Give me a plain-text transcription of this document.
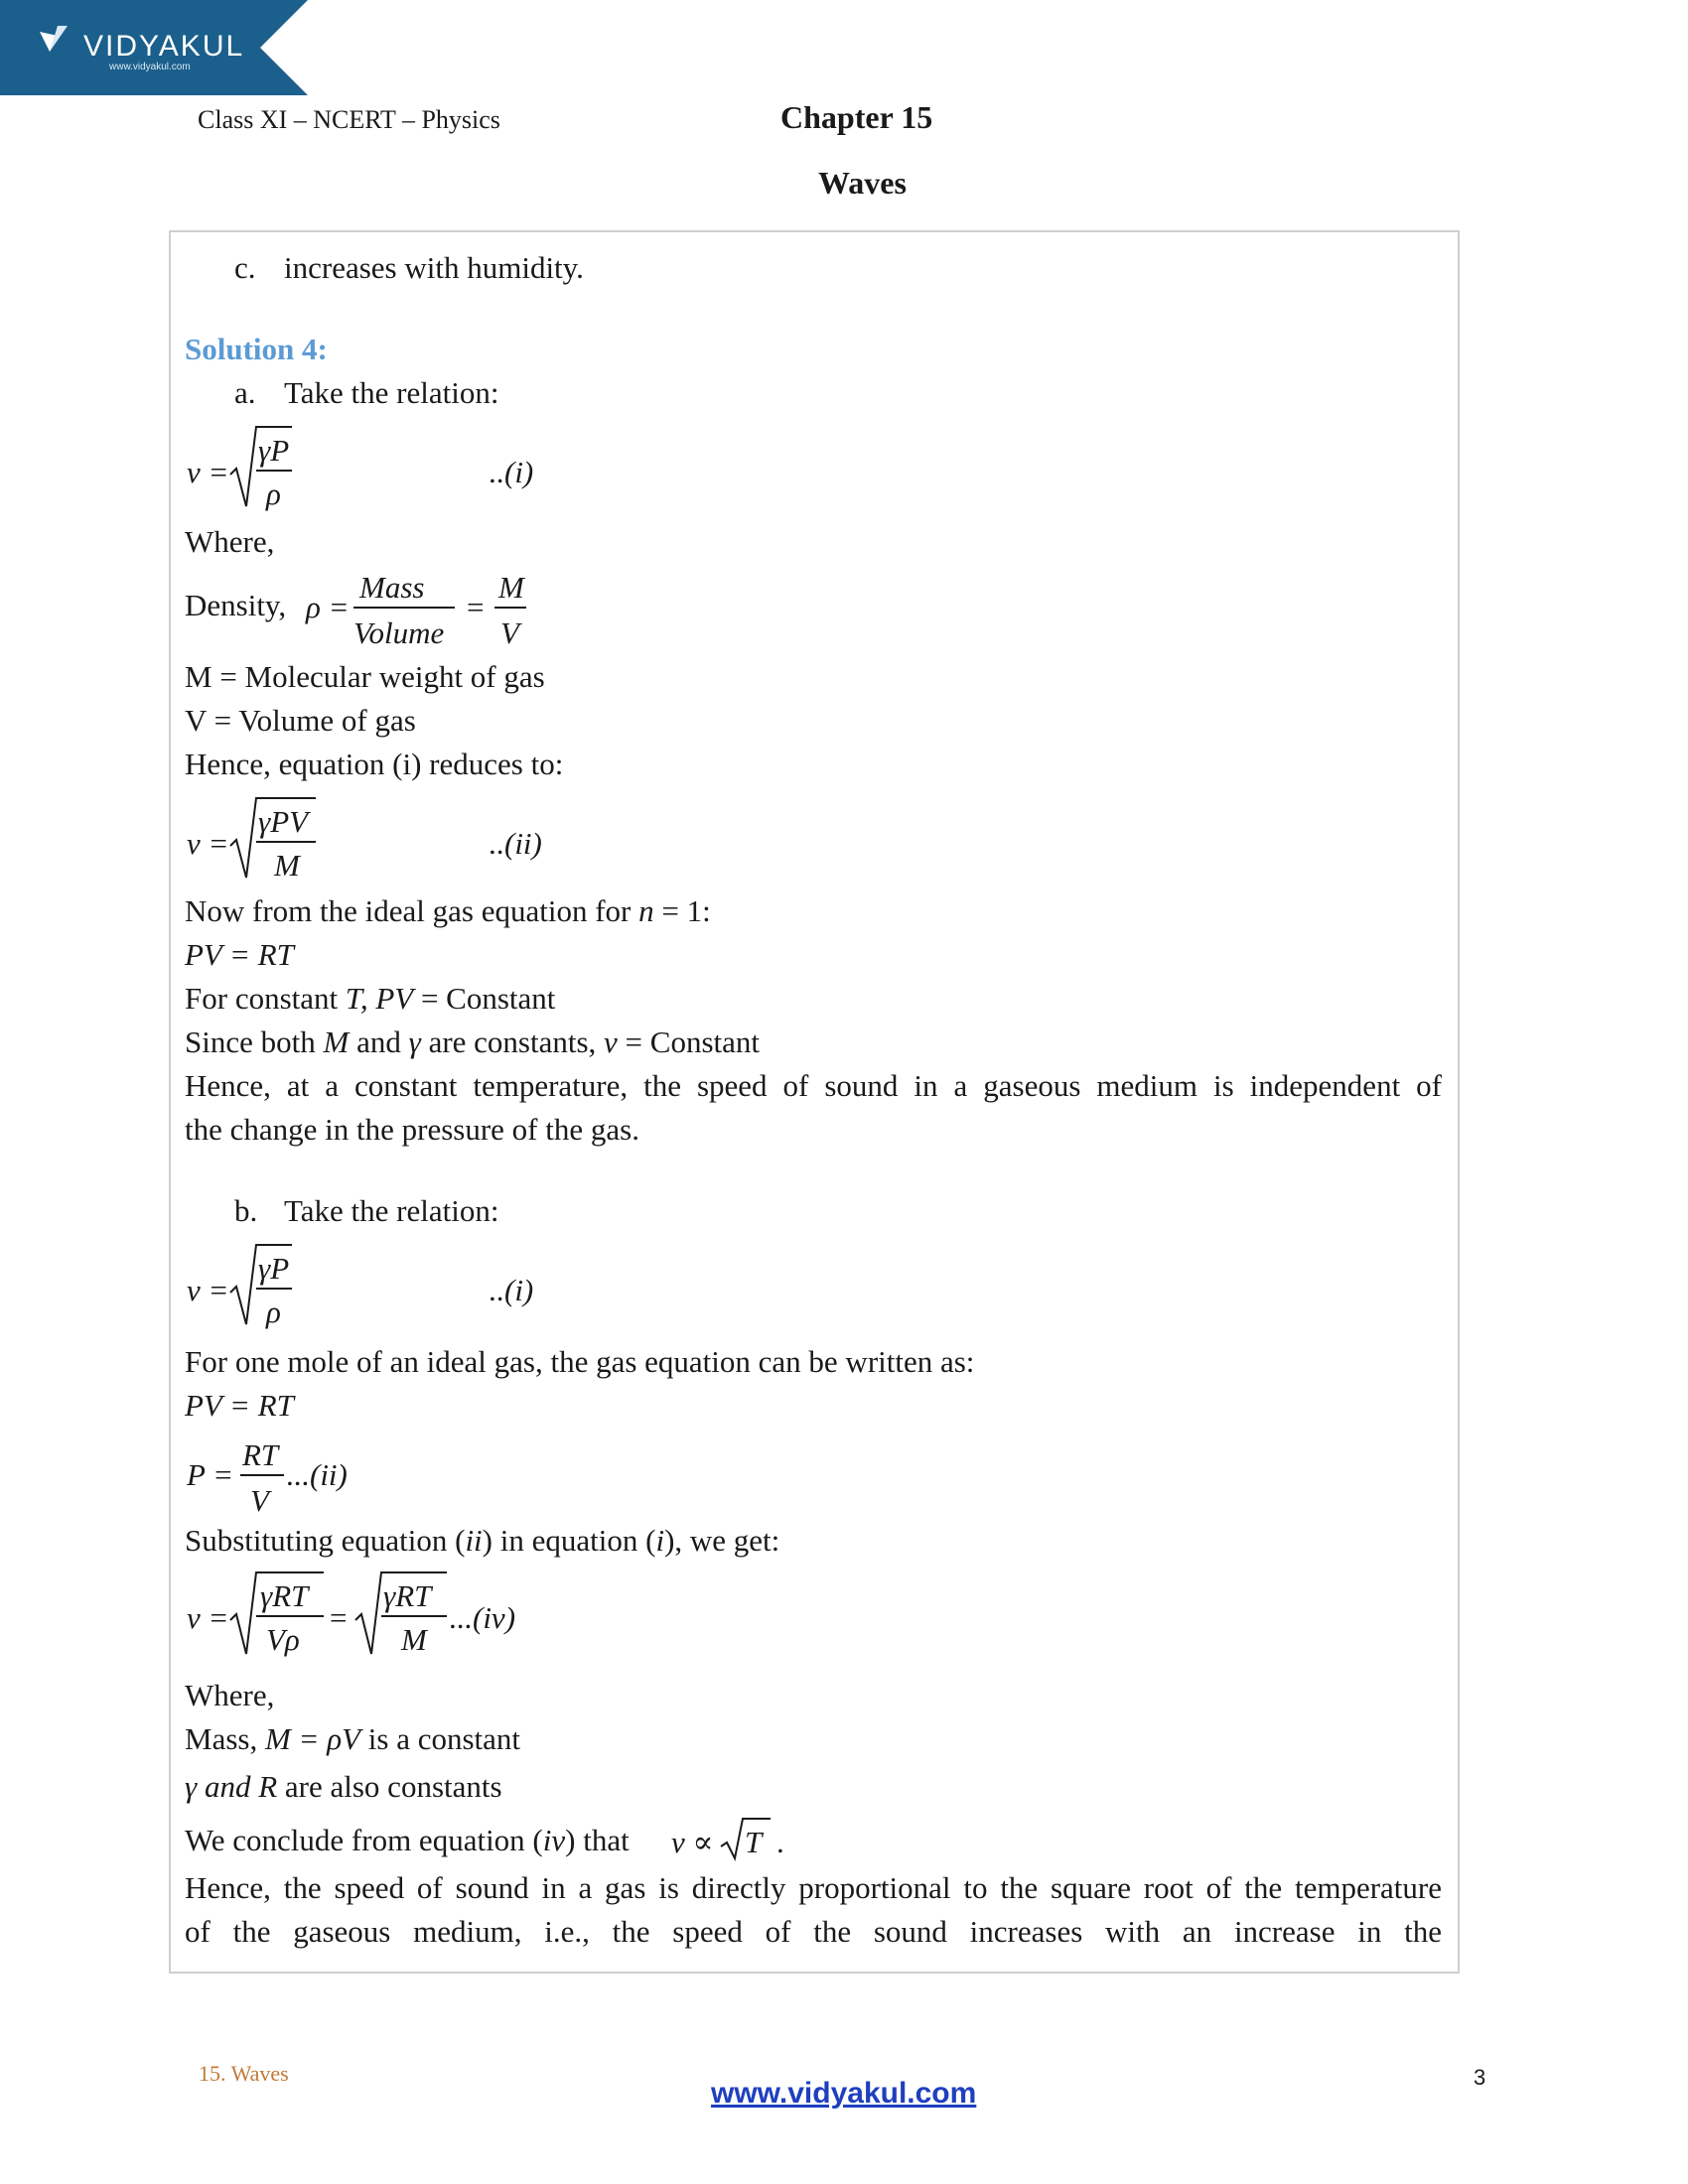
VIDYAKUL
www.vidyakul.com
Class XI – NCERT – Physics	Chapter 15
Waves
c. increases with humidity.
Solution 4:
a. Take the relation:
v =
γP
ρ
.. (i)
Where,
Density, ρ =
Mass
Volume
=
M
V
M = Molecular weight of gas
V = Volume of gas
Hence, equation (i) reduces to:
v =
γPV
M
.. (ii)
Now from the ideal gas equation for n = 1:
PV = RT
For constant T, PV = Constant
Since both M and γ are constants, v = Constant
Hence, at a constant temperature, the speed of sound in a gaseous medium is independent of
the change in the pressure of the gas.
b. Take the relation:
v =
γP
ρ
.. (i)
For one mole of an ideal gas, the gas equation can be written as:
PV = RT
P =
RT
V
... (ii)
Substituting equation (ii) in equation (i), we get:
v =
γRT
Vρ
=
γRT
M
... (iv)
Where,
Mass, M = ρV is a constant
γ and R are also constants
We conclude from equation (iv) that v ∝ T .
Hence, the speed of sound in a gas is directly proportional to the square root of the temperature
of the gaseous medium, i.e., the speed of the sound increases with an increase in the
15. Waves
www.vidyakul.com	3
